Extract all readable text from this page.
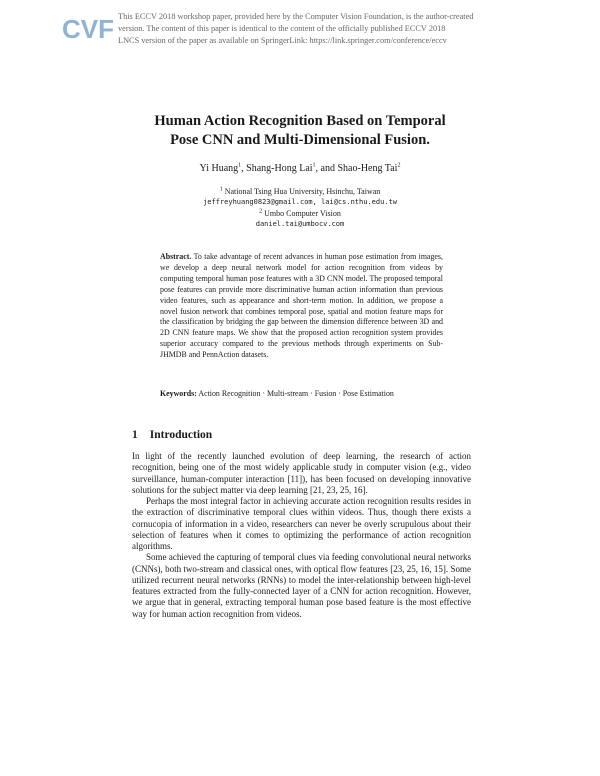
CVF This ECCV 2018 workshop paper, provided here by the Computer Vision Foundation, is the author-created
version. The content of this paper is identical to the content of the officially published ECCV 2018
LNCS version of the paper as available on SpringerLink: https://link.springer.com/conference/eccv
Human Action Recognition Based on Temporal
Pose CNN and Multi-Dimensional Fusion.
Yi Huang$^1$, Shang-Hong Lai$^1$, and Shao-Heng Tai$^2$
$^1$ National Tsing Hua University, Hsinchu, Taiwan
jeffreyhuang0823@gmail.com, lai@cs.nthu.edu.tw
$^2$ Umbo Computer Vision
daniel.tai@umbocv.com
Abstract. To take advantage of recent advances in human pose estimation from images, we develop a deep neural network model for action recognition from videos by computing temporal human pose features with a 3D CNN model. The proposed temporal pose features can provide more discriminative human action information than previous video features, such as appearance and short-term motion. In addition, we propose a novel fusion network that combines temporal pose, spatial and motion feature maps for the classification by bridging the gap between the dimension difference between 3D and 2D CNN feature maps. We show that the proposed action recognition system provides superior accuracy compared to the previous methods through experiments on Sub-JHMDB and PennAction datasets.
Keywords: Action Recognition · Multi-stream · Fusion · Pose Estimation
1 Introduction

In light of the recently launched evolution of deep learning, the research of action recognition, being one of the most widely applicable study in computer vision (e.g., video surveillance, human-computer interaction [11]), has been focused on developing innovative solutions for the subject matter via deep learning [21, 23, 25, 16].

Perhaps the most integral factor in achieving accurate action recognition results resides in the extraction of discriminative temporal clues within videos. Thus, though there exists a cornucopia of information in a video, researchers can never be overly scrupulous about their selection of features when it comes to optimizing the performance of action recognition algorithms.

Some achieved the capturing of temporal clues via feeding convolutional neural networks (CNNs), both two-stream and classical ones, with optical flow features [23, 25, 16, 15]. Some utilized recurrent neural networks (RNNs) to model the inter-relationship between high-level features extracted from the fully-connected layer of a CNN for action recognition. However, we argue that in general, extracting temporal human pose based feature is the most effective way for human action recognition from videos.
